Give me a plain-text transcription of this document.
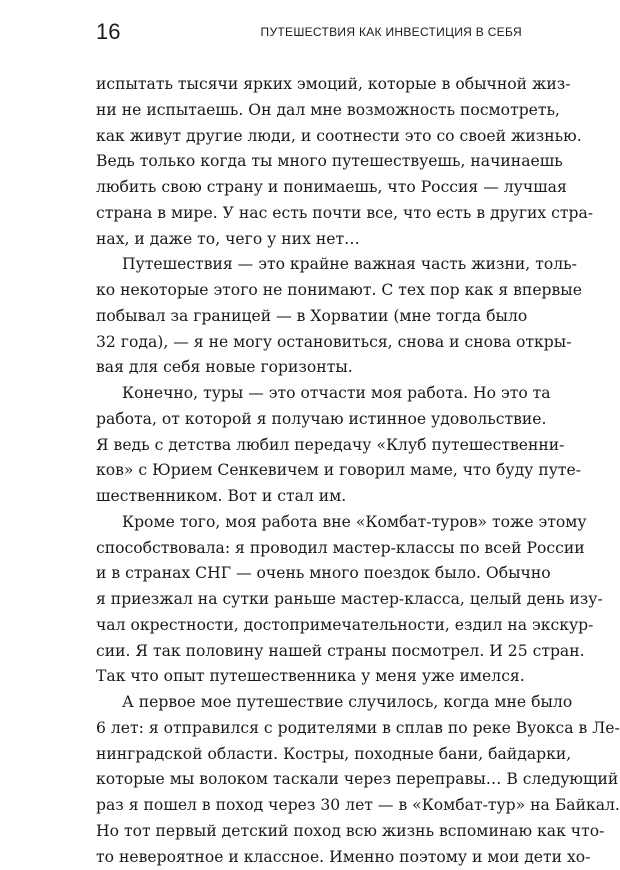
16	ПУТЕШЕСТВИЯ КАК ИНВЕСТИЦИЯ В СЕБЯ
испытать тысячи ярких эмоций, которые в обычной жиз-
ни не испытаешь. Он дал мне возможность посмотреть,
как живут другие люди, и соотнести это со своей жизнью.
Ведь только когда ты много путешествуешь, начинаешь
любить свою страну и понимаешь, что Россия — лучшая
страна в мире. У нас есть почти все, что есть в других стра-
нах, и даже то, чего у них нет…
Путешествия — это крайне важная часть жизни, толь-
ко некоторые этого не понимают. С тех пор как я впервые
побывал за границей — в Хорватии (мне тогда было
32 года), — я не могу остановиться, снова и снова откры-
вая для себя новые горизонты.
Конечно, туры — это отчасти моя работа. Но это та
работа, от которой я получаю истинное удовольствие.
Я ведь с детства любил передачу «Клуб путешественни-
ков» с Юрием Сенкевичем и говорил маме, что буду путе-
шественником. Вот и стал им.
Кроме того, моя работа вне «Комбат-туров» тоже этому
способствовала: я проводил мастер-классы по всей России
и в странах СНГ — очень много поездок было. Обычно
я приезжал на сутки раньше мастер-класса, целый день изу-
чал окрестности, достопримечательности, ездил на экскур-
сии. Я так половину нашей страны посмотрел. И 25 стран.
Так что опыт путешественника у меня уже имелся.
А первое мое путешествие случилось, когда мне было
6 лет: я отправился с родителями в сплав по реке Вуокса в Ле-
нинградской области. Костры, походные бани, байдарки,
которые мы волоком таскали через переправы… В следующий
раз я пошел в поход через 30 лет — в «Комбат-тур» на Байкал.
Но тот первый детский поход всю жизнь вспоминаю как что-
то невероятное и классное. Именно поэтому и мои дети хо-
